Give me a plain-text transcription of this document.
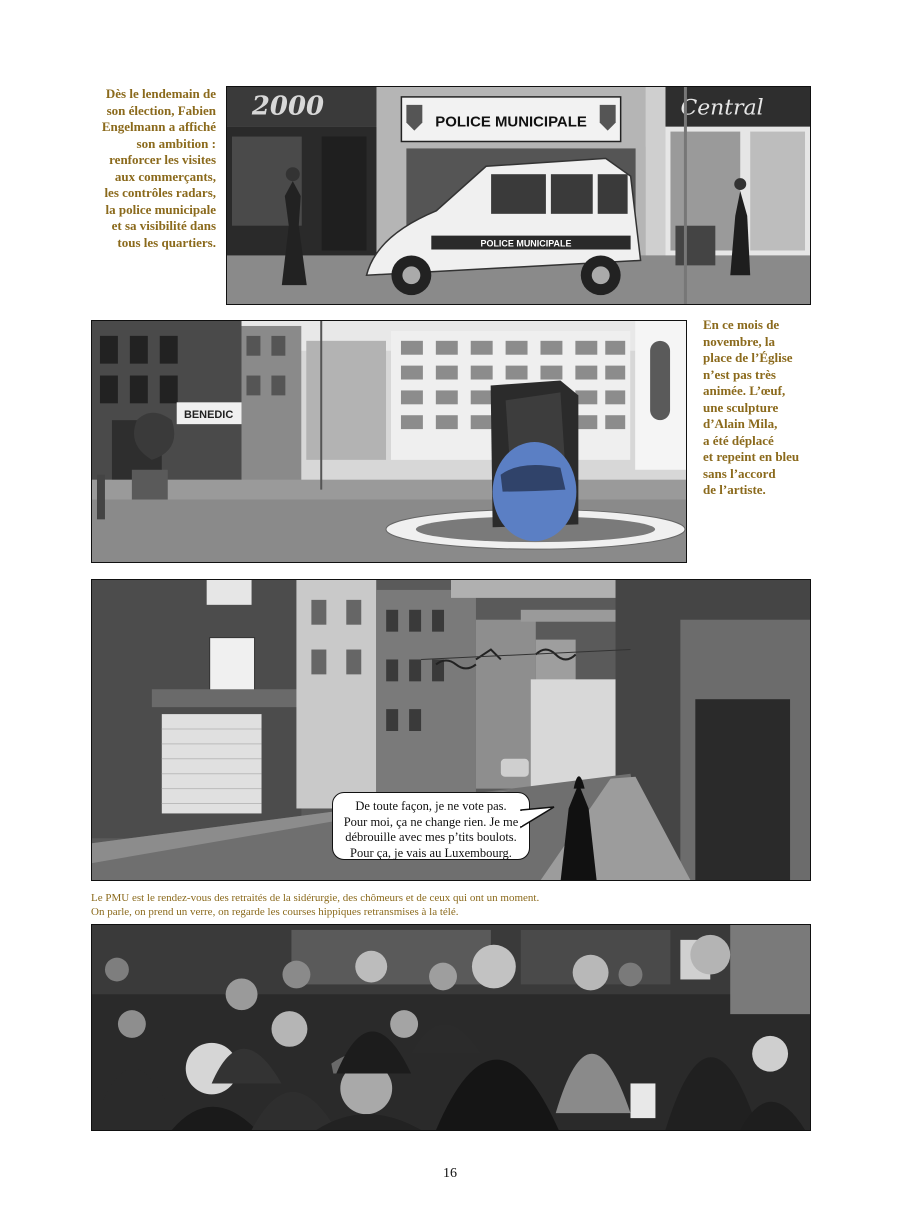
Dès le lendemain de
son élection, Fabien
Engelmann a affiché
son ambition :
renforcer les visites
aux commerçants,
les contrôles radars,
la police municipale
et sa visibilité dans
tous les quartiers.
2000
POLICE MUNICIPALE
Central
POLICE MUNICIPALE
BENEDIC
En ce mois de
novembre, la
place de l’Église
n’est pas très
animée. L’œuf,
une sculpture
d’Alain Mila,
a été déplacé
et repeint en bleu
sans l’accord
de l’artiste.
De toute façon, je ne vote pas.
Pour moi, ça ne change rien. Je me
débrouille avec mes p’tits boulots.
Pour ça, je vais au Luxembourg.
Le PMU est le rendez-vous des retraités de la sidérurgie, des chômeurs et de ceux qui ont un moment.
On parle, on prend un verre, on regarde les courses hippiques retransmises à la télé.
16
